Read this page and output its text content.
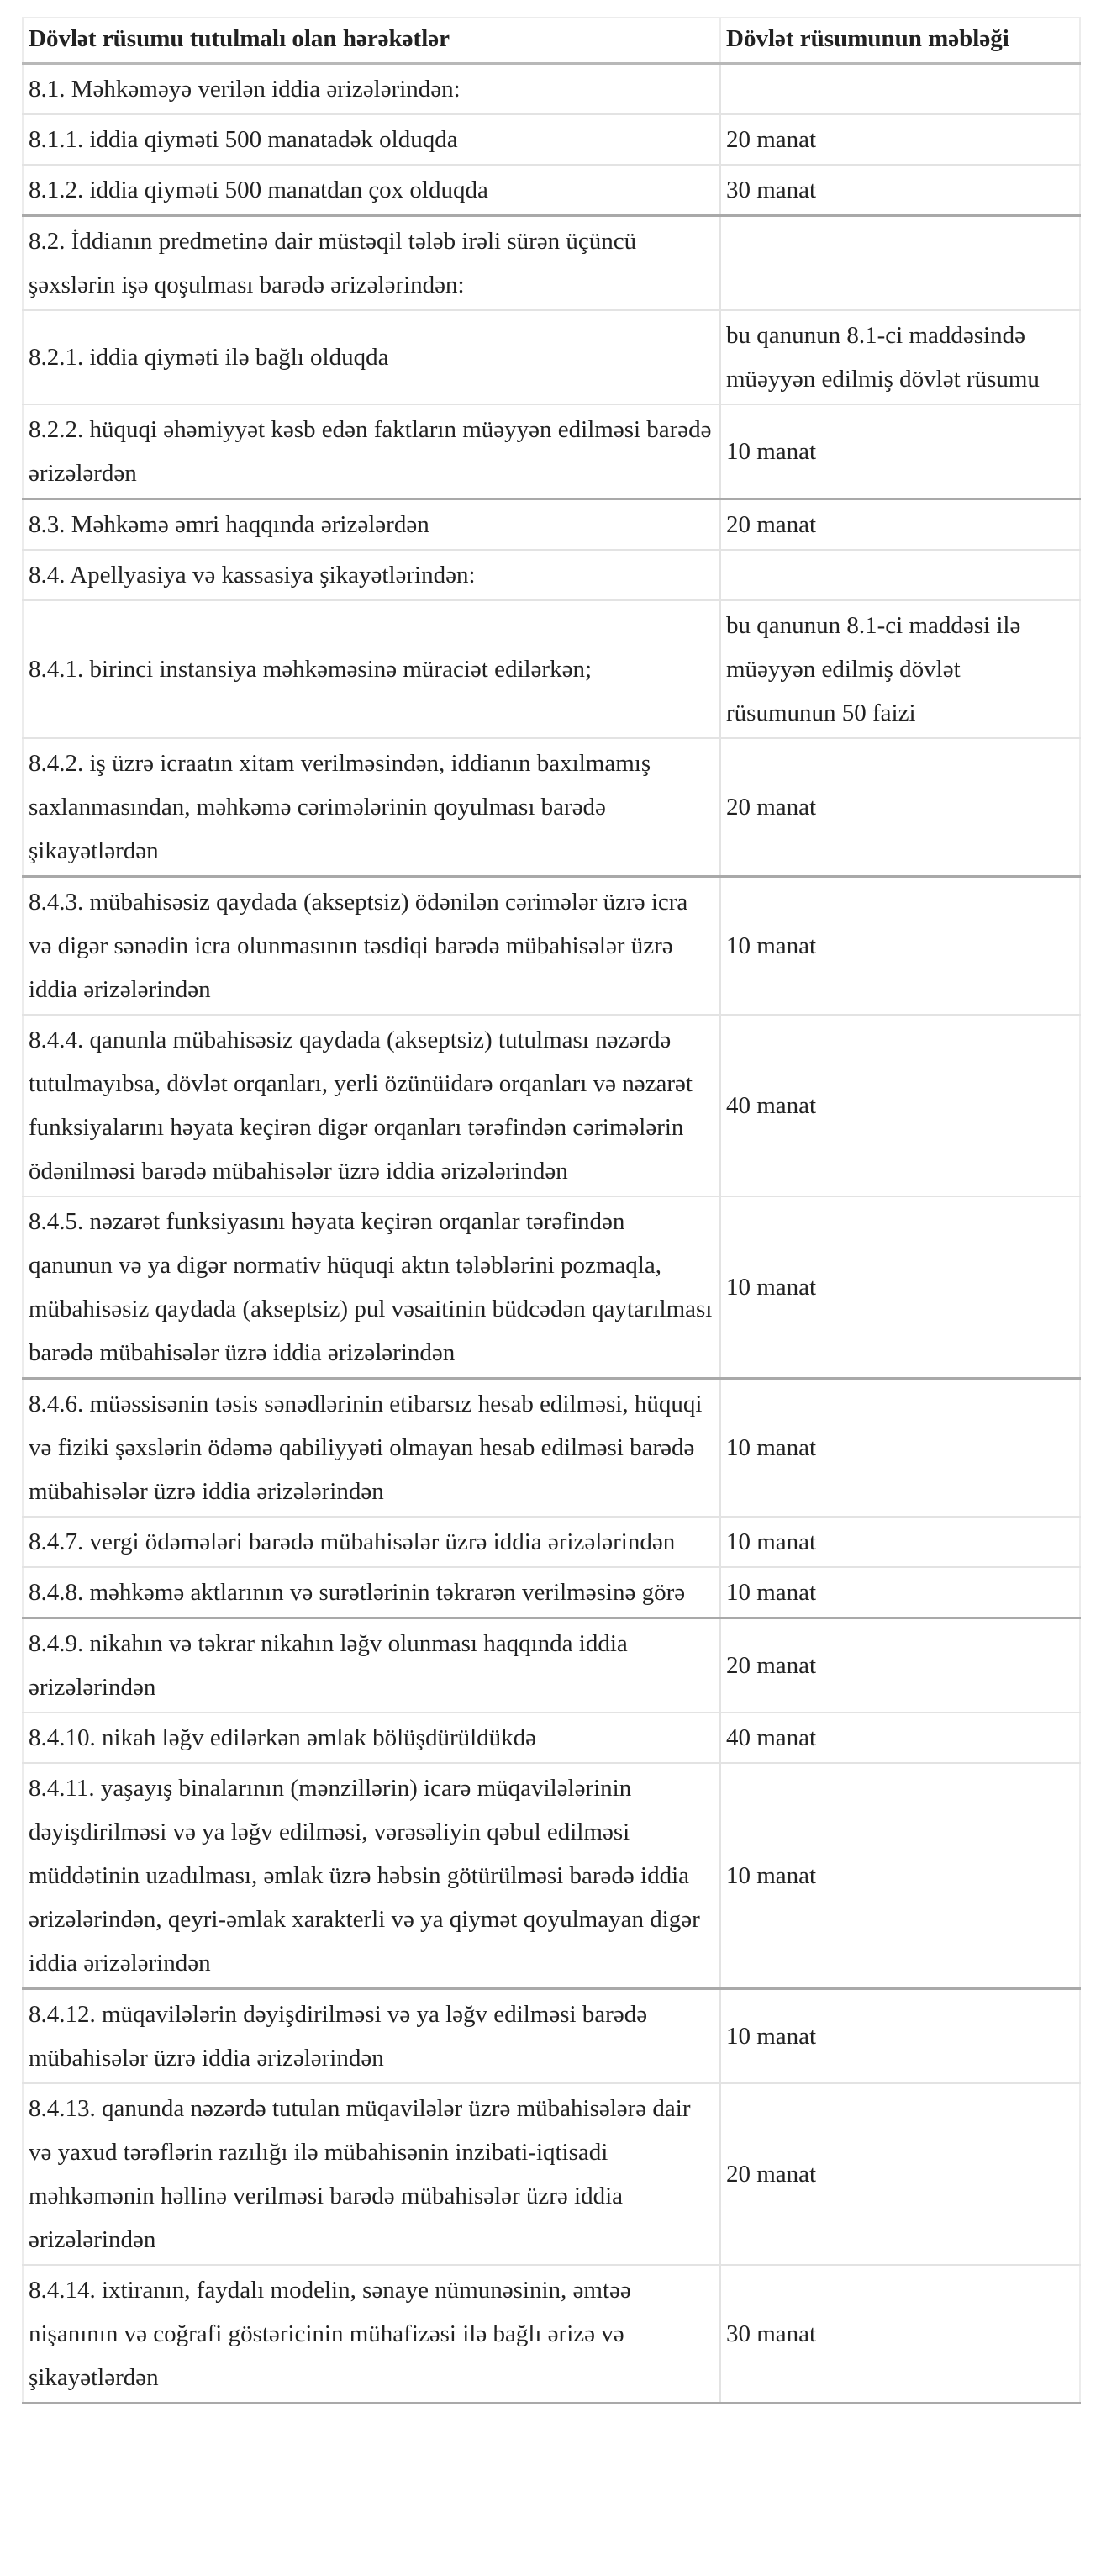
Dövlət rüsumu tutulmalı olan hərəkətlər	Dövlət rüsumunun məbləği
8.1. Məhkəməyə verilən iddia ərizələrindən:	
8.1.1. iddia qiyməti 500 manatadək olduqda	20 manat
8.1.2. iddia qiyməti 500 manatdan çox olduqda	30 manat
8.2. İddianın predmetinə dair müstəqil tələb irəli sürən üçüncü şəxslərin işə qoşulması barədə ərizələrindən:	
8.2.1. iddia qiyməti ilə bağlı olduqda	bu qanunun 8.1-ci maddəsində müəyyən edilmiş dövlət rüsumu
8.2.2. hüquqi əhəmiyyət kəsb edən faktların müəyyən edilməsi barədə ərizələrdən	10 manat
8.3. Məhkəmə əmri haqqında ərizələrdən	20 manat
8.4. Apellyasiya və kassasiya şikayətlərindən:	
8.4.1. birinci instansiya məhkəməsinə müraciət edilərkən;	bu qanunun 8.1-ci maddəsi ilə müəyyən edilmiş dövlət rüsumunun 50 faizi
8.4.2. iş üzrə icraatın xitam verilməsindən, iddianın baxılmamış saxlanmasından, məhkəmə cərimələrinin qoyulması barədə şikayətlərdən	20 manat
8.4.3. mübahisəsiz qaydada (akseptsiz) ödənilən cərimələr üzrə icra və digər sənədin icra olunmasının təsdiqi barədə mübahisələr üzrə iddia ərizələrindən	10 manat
8.4.4. qanunla mübahisəsiz qaydada (akseptsiz) tutulması nəzərdə tutulmayıbsa, dövlət orqanları, yerli özünüidarə orqanları və nəzarət funksiyalarını həyata keçirən digər orqanları tərəfindən cərimələrin ödənilməsi barədə mübahisələr üzrə iddia ərizələrindən	40 manat
8.4.5. nəzarət funksiyasını həyata keçirən orqanlar tərəfindən qanunun və ya digər normativ hüquqi aktın tələblərini pozmaqla, mübahisəsiz qaydada (akseptsiz) pul vəsaitinin büdcədən qaytarılması barədə mübahisələr üzrə iddia ərizələrindən	10 manat
8.4.6. müəssisənin təsis sənədlərinin etibarsız hesab edilməsi, hüquqi və fiziki şəxslərin ödəmə qabiliyyəti olmayan hesab edilməsi barədə mübahisələr üzrə iddia ərizələrindən	10 manat
8.4.7. vergi ödəmələri barədə mübahisələr üzrə iddia ərizələrindən	10 manat
8.4.8. məhkəmə aktlarının və surətlərinin təkrarən verilməsinə görə	10 manat
8.4.9. nikahın və təkrar nikahın ləğv olunması haqqında iddia ərizələrindən	20 manat
8.4.10. nikah ləğv edilərkən əmlak bölüşdürüldükdə	40 manat
8.4.11. yaşayış binalarının (mənzillərin) icarə müqavilələrinin dəyişdirilməsi və ya ləğv edilməsi, vərəsəliyin qəbul edilməsi müddətinin uzadılması, əmlak üzrə həbsin götürülməsi barədə iddia ərizələrindən, qeyri-əmlak xarakterli və ya qiymət qoyulmayan digər iddia ərizələrindən	10 manat
8.4.12. müqavilələrin dəyişdirilməsi və ya ləğv edilməsi barədə mübahisələr üzrə iddia ərizələrindən	10 manat
8.4.13. qanunda nəzərdə tutulan müqavilələr üzrə mübahisələrə dair və yaxud tərəflərin razılığı ilə mübahisənin inzibati-iqtisadi məhkəmənin həllinə verilməsi barədə mübahisələr üzrə iddia ərizələrindən	20 manat
8.4.14. ixtiranın, faydalı modelin, sənaye nümunəsinin, əmtəə nişanının və coğrafi göstəricinin mühafizəsi ilə bağlı ərizə və şikayətlərdən	30 manat
